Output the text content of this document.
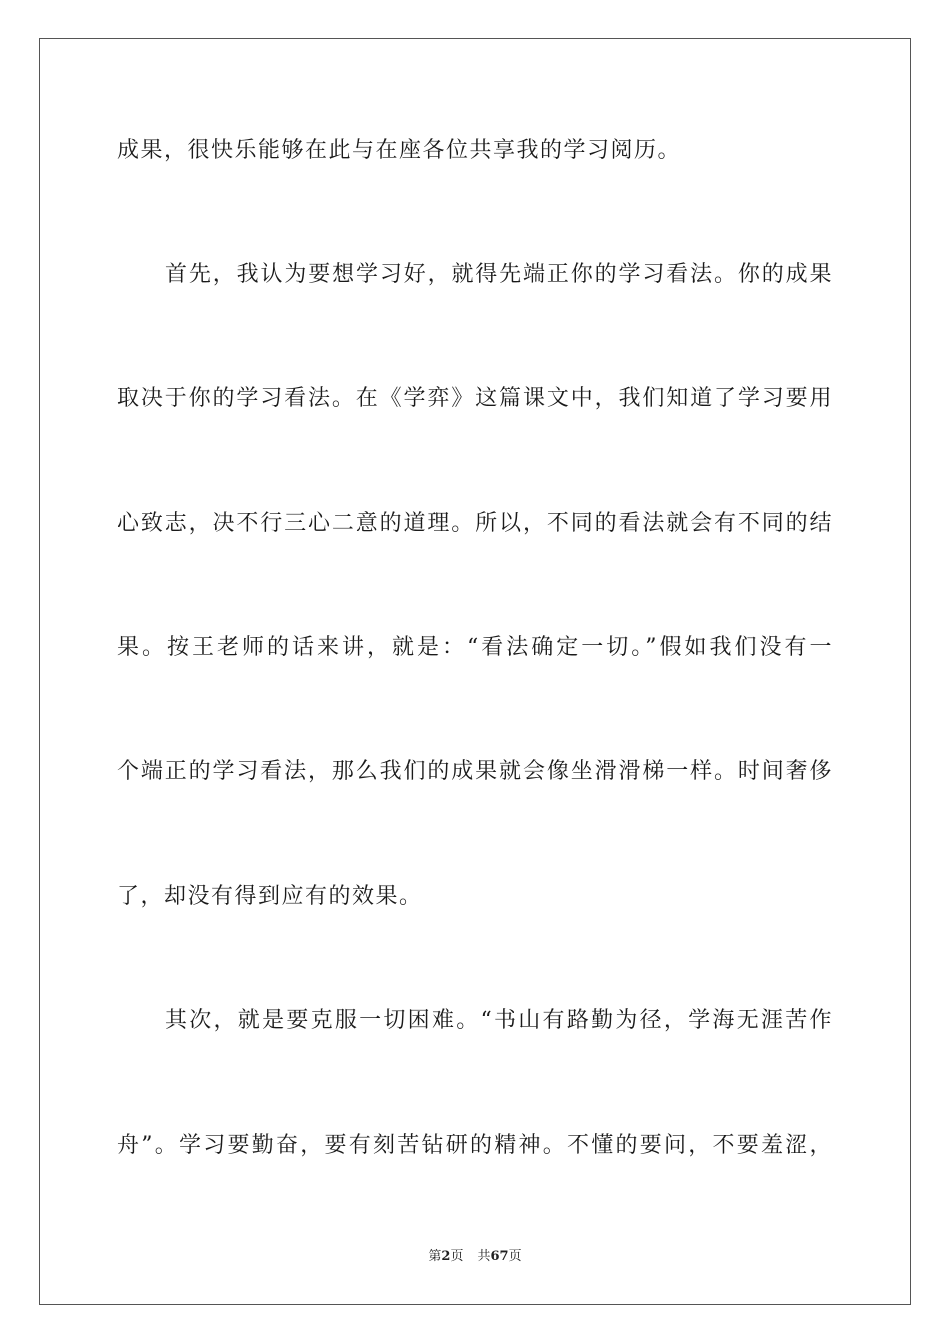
成果，很快乐能够在此与在座各位共享我的学习阅历。
首先，我认为要想学习好，就得先端正你的学习看法。你的成果
取决于你的学习看法。在《学弈》这篇课文中，我们知道了学习要用
心致志，决不行三心二意的道理。所以，不同的看法就会有不同的结
果。按王老师的话来讲，就是：“看法确定一切。”假如我们没有一
个端正的学习看法，那么我们的成果就会像坐滑滑梯一样。时间奢侈
了，却没有得到应有的效果。
其次，就是要克服一切困难。“书山有路勤为径，学海无涯苦作
舟”。学习要勤奋，要有刻苦钻研的精神。不懂的要问，不要羞涩，
第2页 共67页
